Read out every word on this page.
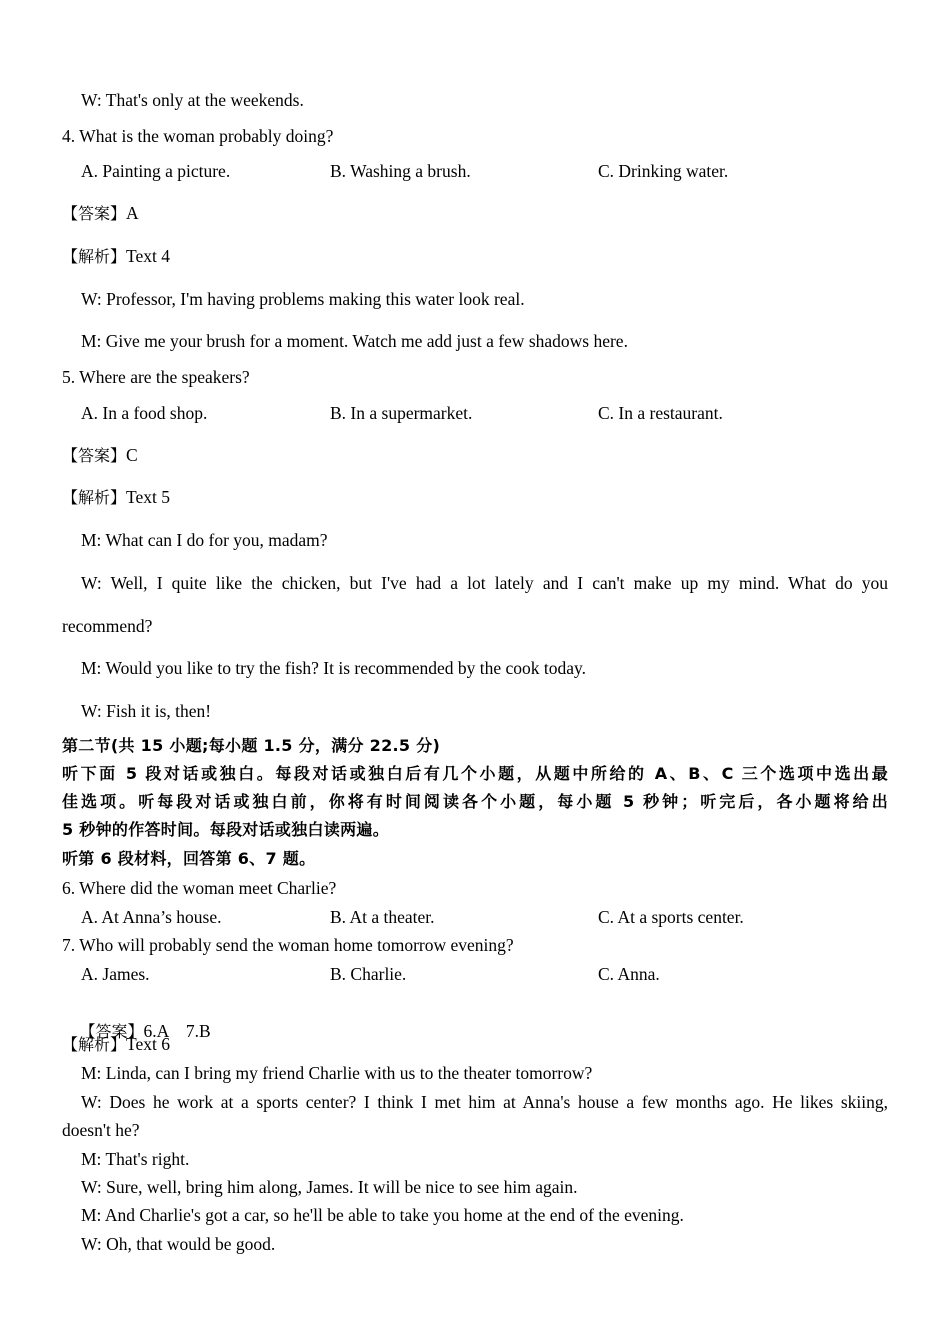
W: That's only at the weekends.
4. What is the woman probably doing?
A. Painting a picture.	B. Washing a brush.	C. Drinking water.
【答案】A
【解析】Text 4
W: Professor, I'm having problems making this water look real.
M: Give me your brush for a moment. Watch me add just a few shadows here.
5. Where are the speakers?
A. In a food shop.	B. In a supermarket.	C. In a restaurant.
【答案】C
【解析】Text 5
M: What can I do for you, madam?
W: Well, I quite like the chicken, but I've had a lot lately and I can't make up my mind. What do you
recommend?
M: Would you like to try the fish? It is recommended by the cook today.
W: Fish it is, then!
第二节(共 15 小题;每小题 1.5 分，满分 22.5 分)
听下面 5 段对话或独白。每段对话或独白后有几个小题，从题中所给的 A、B、C 三个选项中选出最
佳选项。听每段对话或独白前，你将有时间阅读各个小题，每小题 5 秒钟；听完后，各小题将给出
5 秒钟的作答时间。每段对话或独白读两遍。
听第 6 段材料，回答第 6、7 题。
6. Where did the woman meet Charlie?
A. At Anna’s house.	B. At a theater.	C. At a sports center.
7. Who will probably send the woman home tomorrow evening?
A. James.	B. Charlie.	C. Anna.

【答案】6.A    7.B

【解析】Text 6
M: Linda, can I bring my friend Charlie with us to the theater tomorrow?
W: Does he work at a sports center? I think I met him at Anna's house a few months ago. He likes skiing,
doesn't he?
M: That's right.
W: Sure, well, bring him along, James. It will be nice to see him again.
M: And Charlie's got a car, so he'll be able to take you home at the end of the evening.
W: Oh, that would be good.
